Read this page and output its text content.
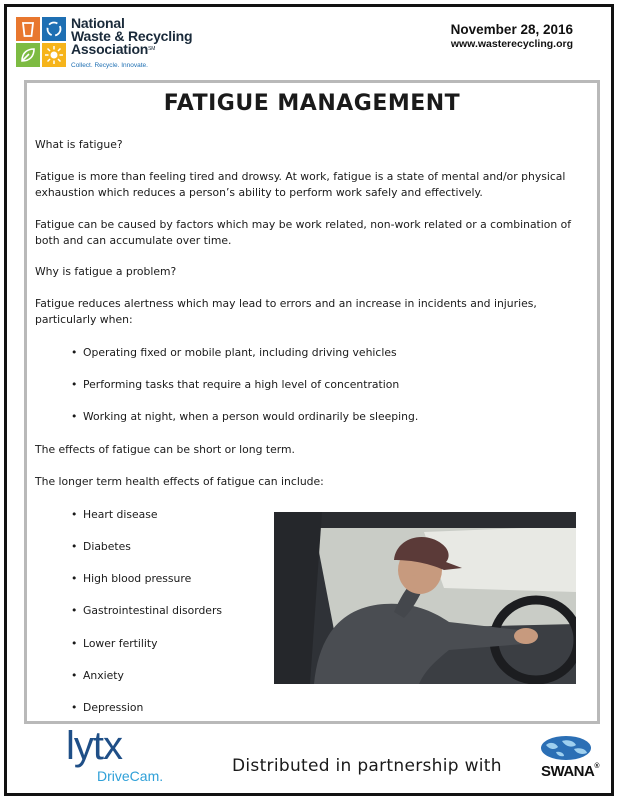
National
Waste & Recycling
AssociationSM
Collect. Recycle. Innovate.
November 28, 2016
www.wasterecycling.org
FATIGUE MANAGEMENT
What is fatigue?
Fatigue is more than feeling tired and drowsy. At work, fatigue is a state of mental and/or physical exhaustion which reduces a person’s ability to perform work safely and effectively.
Fatigue can be caused by factors which may be work related, non-work related or a combination of both and can accumulate over time.
Why is fatigue a problem?
Fatigue reduces alertness which may lead to errors and an increase in incidents and injuries, particularly when:
• Operating fixed or mobile plant, including driving vehicles
• Performing tasks that require a high level of concentration
• Working at night, when a person would ordinarily be sleeping.
The effects of fatigue can be short or long term.
The longer term health effects of fatigue can include:
• Heart disease
• Diabetes
• High blood pressure
• Gastrointestinal disorders
• Lower fertility
• Anxiety
• Depression
lytx
DriveCam.	Distributed in partnership with	SWANA®
